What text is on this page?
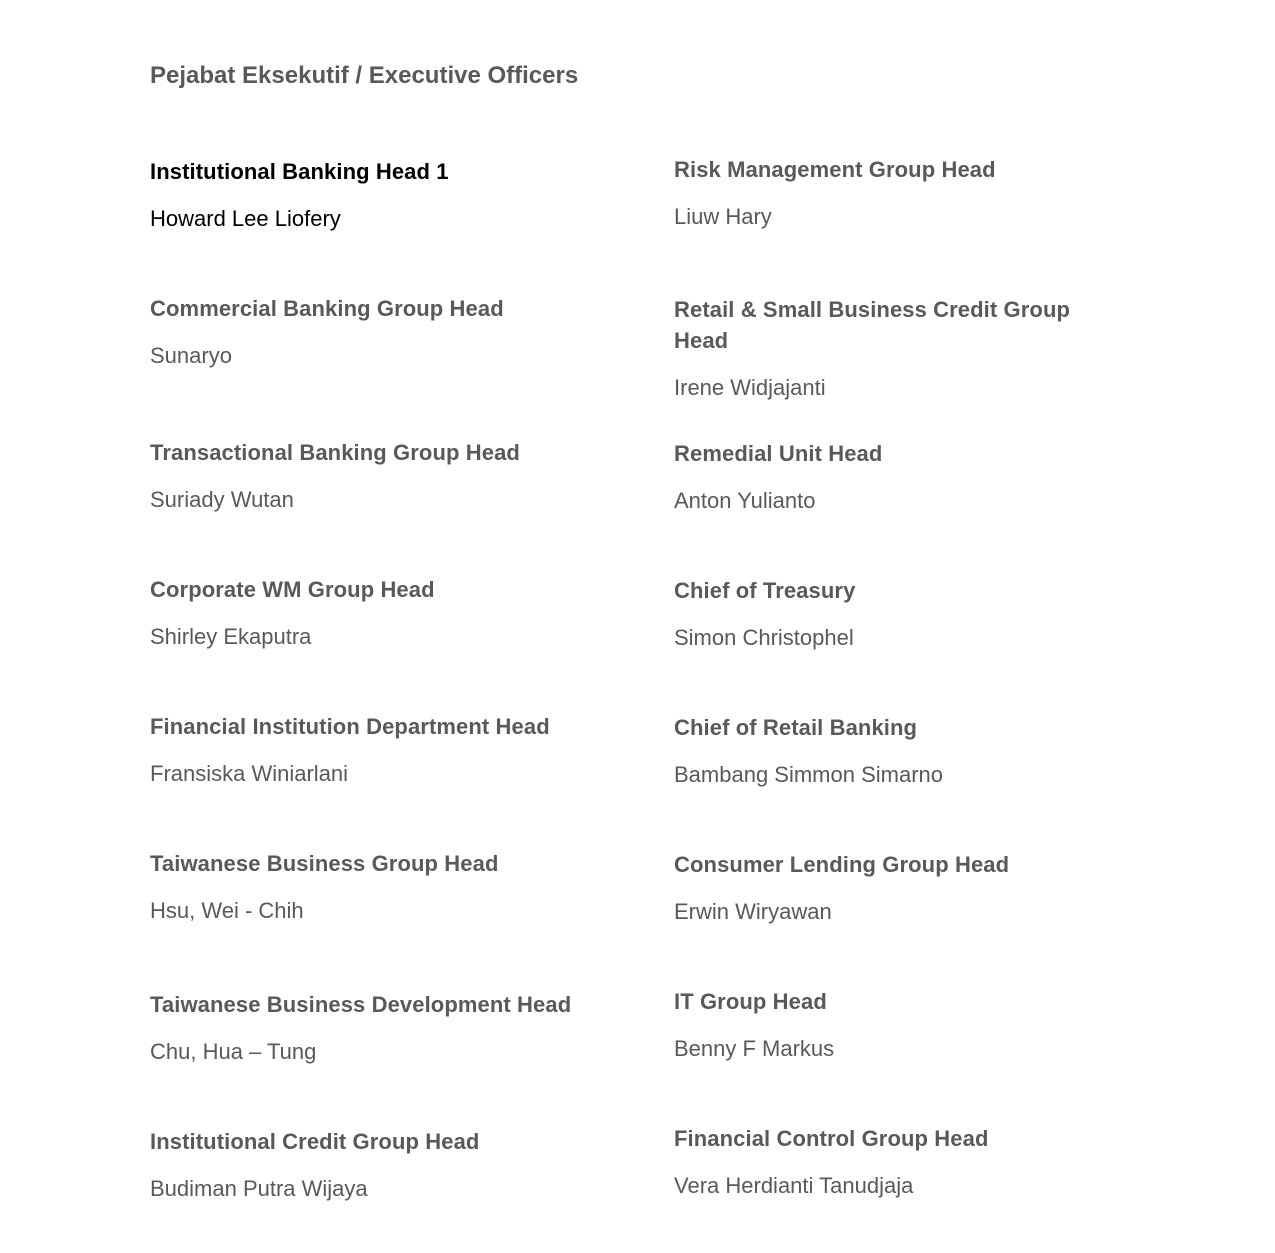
Pejabat Eksekutif / Executive Officers
Institutional Banking Head 1
Howard Lee Liofery
Commercial Banking Group Head
Sunaryo
Transactional Banking Group Head
Suriady Wutan
Corporate WM Group Head
Shirley Ekaputra
Financial Institution Department Head
Fransiska Winiarlani
Taiwanese Business Group Head
Hsu, Wei - Chih
Taiwanese Business Development Head
Chu, Hua – Tung
Institutional Credit Group Head
Budiman Putra Wijaya
Risk Management Group Head
Liuw Hary
Retail & Small Business Credit Group Head
Irene Widjajanti
Remedial Unit Head
Anton Yulianto
Chief of Treasury
Simon Christophel
Chief of Retail Banking
Bambang Simmon Simarno
Consumer Lending Group Head
Erwin Wiryawan
IT Group Head
Benny F Markus
Financial Control Group Head
Vera Herdianti Tanudjaja
